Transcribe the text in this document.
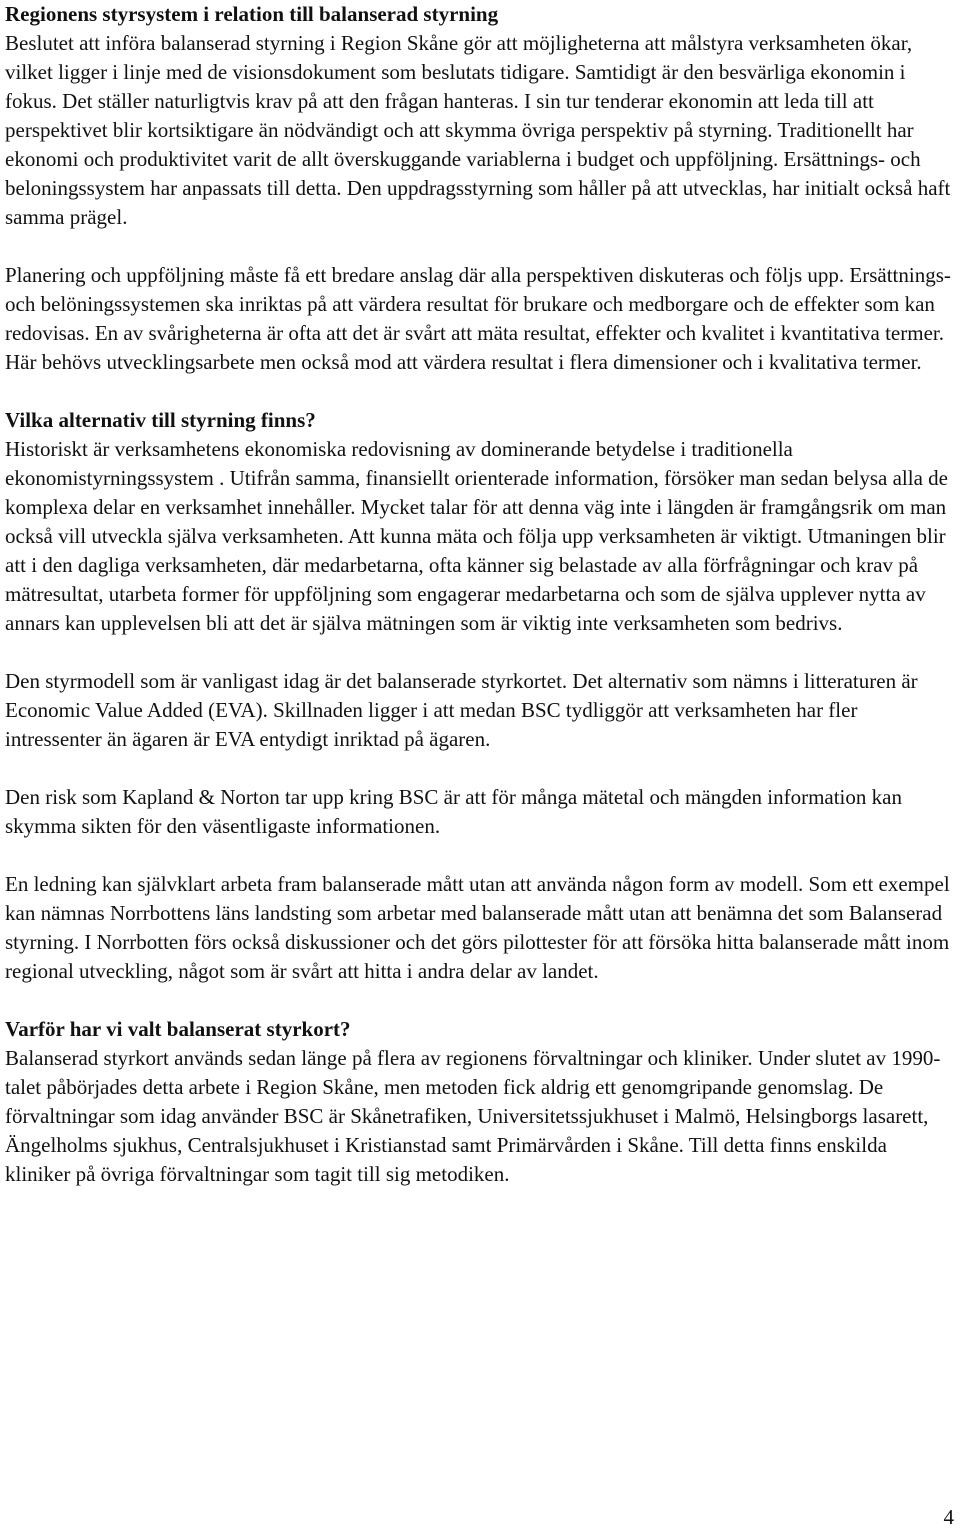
Regionens styrsystem i relation till balanserad styrning

Beslutet att införa balanserad styrning i Region Skåne gör att möjligheterna att målstyra verksamheten ökar, vilket ligger i linje med de visionsdokument som beslutats tidigare. Samtidigt är den besvärliga ekonomin i fokus. Det ställer naturligtvis krav på att den frågan hanteras. I sin tur tenderar ekonomin att leda till att perspektivet blir kortsiktigare än nödvändigt och att skymma övriga perspektiv på styrning. Traditionellt har ekonomi och produktivitet varit de allt överskuggande variablerna i budget och uppföljning. Ersättnings- och beloningssystem har anpassats till detta. Den uppdragsstyrning som håller på att utvecklas, har initialt också haft samma prägel.

Planering och uppföljning måste få ett bredare anslag där alla perspektiven diskuteras och följs upp. Ersättnings- och belöningssystemen ska inriktas på att värdera resultat för brukare och medborgare och de effekter som kan redovisas. En av svårigheterna är ofta att det är svårt att mäta resultat, effekter och kvalitet i kvantitativa termer. Här behövs utvecklingsarbete men också mod att värdera resultat i flera dimensioner och i kvalitativa termer.

Vilka alternativ till styrning finns?

Historiskt är verksamhetens ekonomiska redovisning av dominerande betydelse i traditionella ekonomistyrningssystem . Utifrån samma, finansiellt orienterade information, försöker man sedan belysa alla de komplexa delar en verksamhet innehåller. Mycket talar för att denna väg inte i längden är framgångsrik om man också vill utveckla själva verksamheten. Att kunna mäta och följa upp verksamheten är viktigt. Utmaningen blir att i den dagliga verksamheten, där medarbetarna, ofta känner sig belastade av alla förfrågningar och krav på mätresultat, utarbeta former för uppföljning som engagerar medarbetarna och som de själva upplever nytta av annars kan upplevelsen bli att det är själva mätningen som är viktig inte verksamheten som bedrivs.

Den styrmodell som är vanligast idag är det balanserade styrkortet. Det alternativ som nämns i litteraturen är Economic Value Added (EVA). Skillnaden ligger i att medan BSC tydliggör att verksamheten har fler intressenter än ägaren är EVA entydigt inriktad på ägaren.

Den risk som Kapland & Norton tar upp kring BSC är att för många mätetal och mängden information kan skymma sikten för den väsentligaste informationen.

En ledning kan självklart arbeta fram balanserade mått utan att använda någon form av modell. Som ett exempel kan nämnas Norrbottens läns landsting som arbetar med balanserade mått utan att benämna det som Balanserad styrning. I Norrbotten förs också diskussioner och det görs pilottester för att försöka hitta balanserade mått inom regional utveckling, något som är svårt att hitta i andra delar av landet.

Varför har vi valt balanserat styrkort?

Balanserad styrkort används sedan länge på flera av regionens förvaltningar och kliniker. Under slutet av 1990-talet påbörjades detta arbete i Region Skåne, men metoden fick aldrig ett genomgripande genomslag. De förvaltningar som idag använder BSC är Skånetrafiken, Universitetssjukhuset i Malmö, Helsingborgs lasarett, Ängelholms sjukhus, Centralsjukhuset i Kristianstad samt Primärvården i Skåne. Till detta finns enskilda kliniker på övriga förvaltningar som tagit till sig metodiken.

4
